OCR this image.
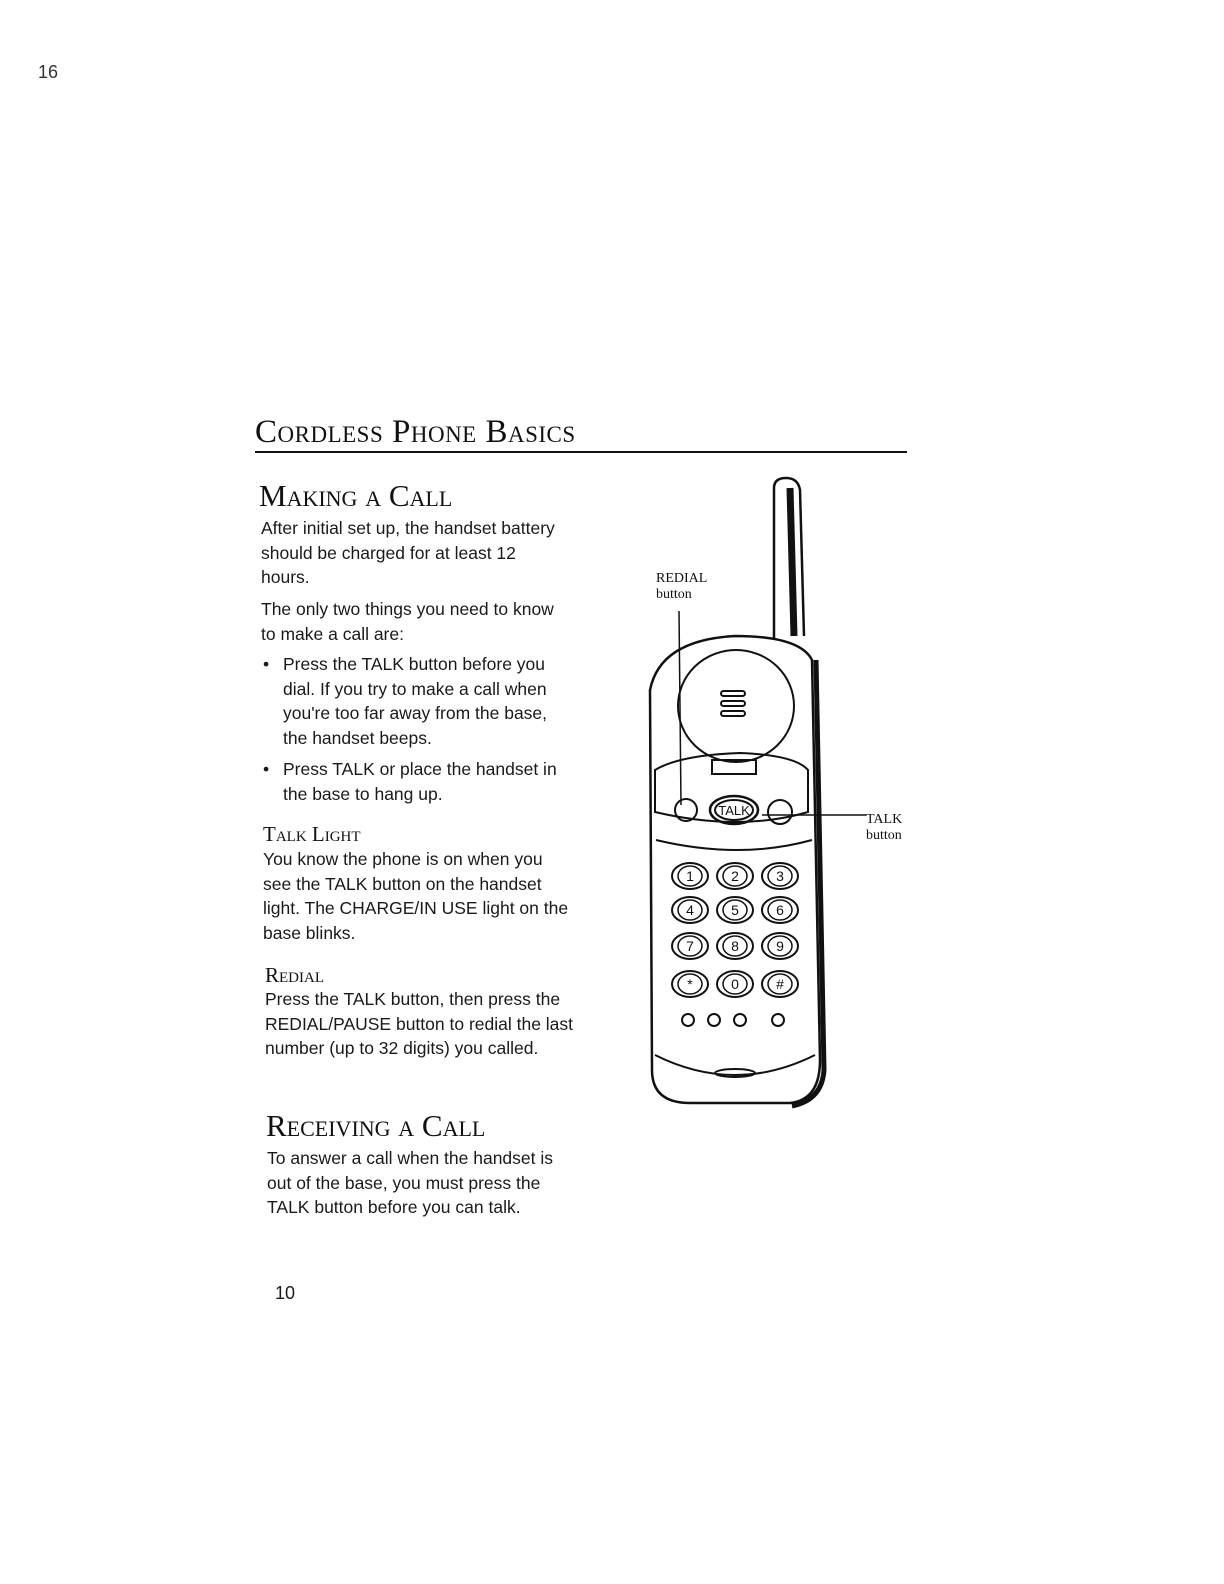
16
Cordless Phone Basics
Making a Call
After initial set up, the handset battery should be charged for at least 12 hours.
The only two things you need to know to make a call are:
• Press the TALK button before you dial. If you try to make a call when you're too far away from the base, the handset beeps.
• Press TALK or place the handset in the base to hang up.
Talk Light
You know the phone is on when you see the TALK button on the handset light. The CHARGE/IN USE light on the base blinks.
Redial
Press the TALK button, then press the REDIAL/PAUSE button to redial the last number (up to 32 digits) you called.
Receiving a Call
To answer a call when the handset is out of the base, you must press the TALK button before you can talk.
10
REDIAL
button
TALK
button
TALK
1	2	3
4	5	6
7	8	9
*	0	#
